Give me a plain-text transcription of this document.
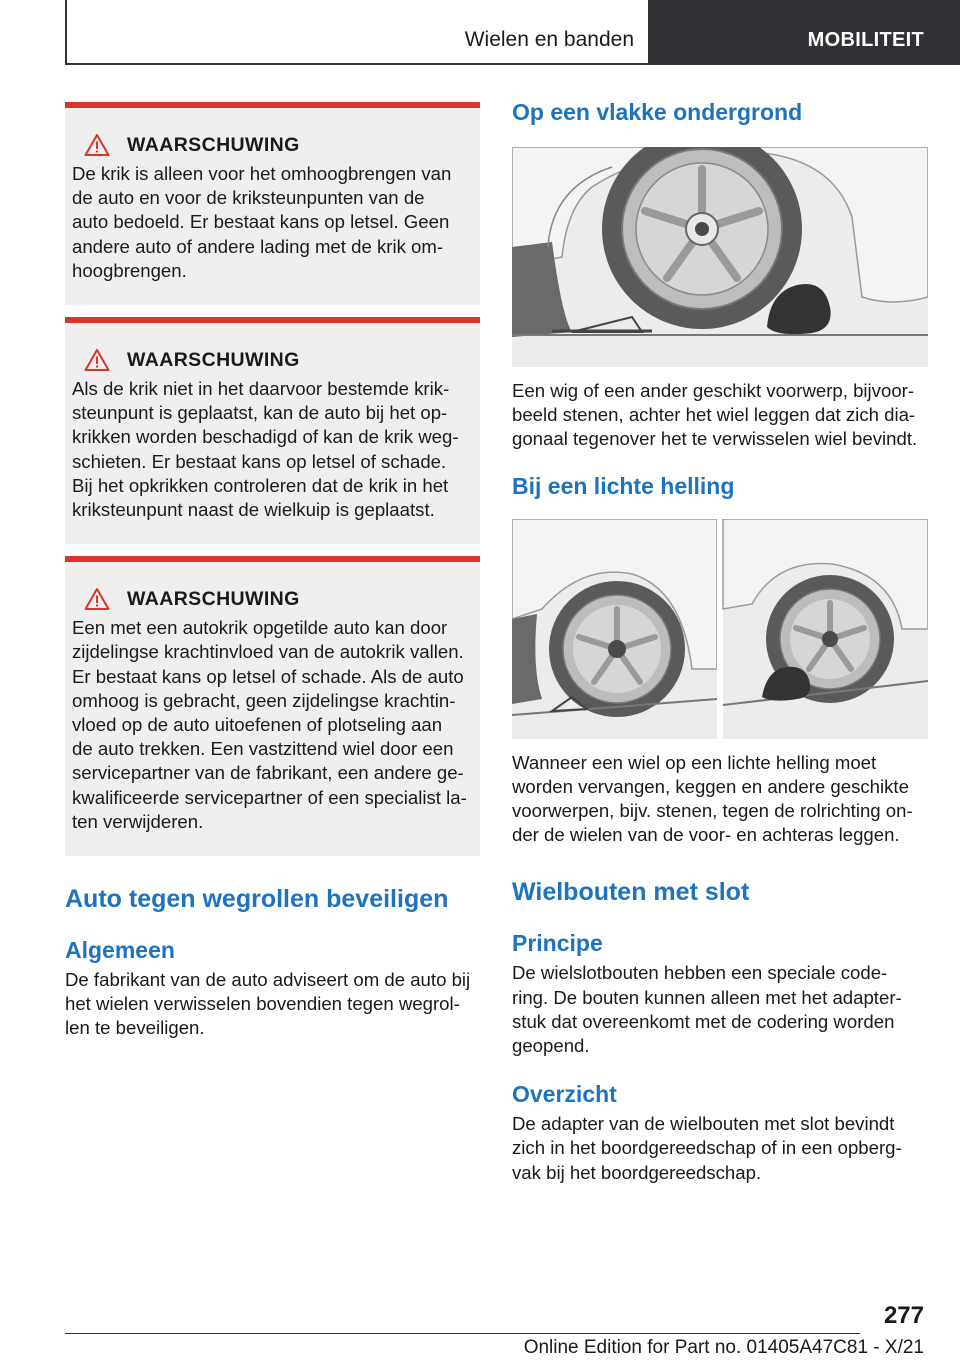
Wielen en banden	MOBILITEIT
WAARSCHUWING
De krik is alleen voor het omhoogbrengen van
de auto en voor de kriksteunpunten van de
auto bedoeld. Er bestaat kans op letsel. Geen
andere auto of andere lading met de krik om-
hoogbrengen.
WAARSCHUWING
Als de krik niet in het daarvoor bestemde krik-
steunpunt is geplaatst, kan de auto bij het op-
krikken worden beschadigd of kan de krik weg-
schieten. Er bestaat kans op letsel of schade.
Bij het opkrikken controleren dat de krik in het
kriksteunpunt naast de wielkuip is geplaatst.
WAARSCHUWING
Een met een autokrik opgetilde auto kan door
zijdelingse krachtinvloed van de autokrik vallen.
Er bestaat kans op letsel of schade. Als de auto
omhoog is gebracht, geen zijdelingse krachtin-
vloed op de auto uitoefenen of plotseling aan
de auto trekken. Een vastzittend wiel door een
servicepartner van de fabrikant, een andere ge-
kwalificeerde servicepartner of een specialist la-
ten verwijderen.
Auto tegen wegrollen beveiligen
Algemeen
De fabrikant van de auto adviseert om de auto bij
het wielen verwisselen bovendien tegen wegrol-
len te beveiligen.
Op een vlakke ondergrond
Een wig of een ander geschikt voorwerp, bijvoor-
beeld stenen, achter het wiel leggen dat zich dia-
gonaal tegenover het te verwisselen wiel bevindt.
Bij een lichte helling
Wanneer een wiel op een lichte helling moet
worden vervangen, keggen en andere geschikte
voorwerpen, bijv. stenen, tegen de rolrichting on-
der de wielen van de voor- en achteras leggen.
Wielbouten met slot
Principe
De wielslotbouten hebben een speciale code-
ring. De bouten kunnen alleen met het adapter-
stuk dat overeenkomt met de codering worden
geopend.
Overzicht
De adapter van de wielbouten met slot bevindt
zich in het boordgereedschap of in een opberg-
vak bij het boordgereedschap.
277
Online Edition for Part no. 01405A47C81 - X/21
